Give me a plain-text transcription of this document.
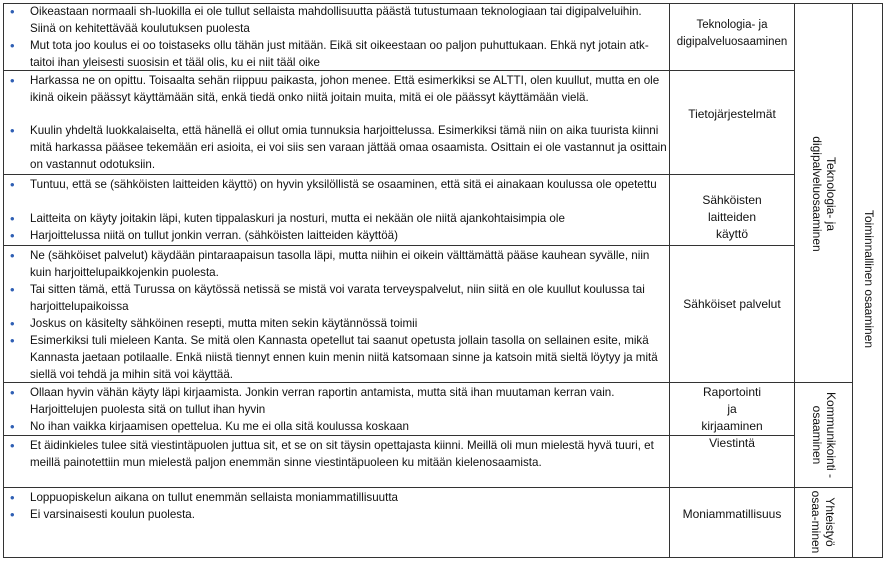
• Oikeastaan normaali sh-luokilla ei ole tullut sellaista mahdollisuutta päästä tutustumaan teknologiaan tai digipalveluihin. Siinä on kehitettävää koulutuksen puolesta
• Mut tota joo koulus ei oo toistaseks ollu tähän just mitään. Eikä sit oikeestaan oo paljon puhuttukaan. Ehkä nyt jotain atk-taitoi ihan yleisesti suosisin et tääl olis, ku ei niit tääl oike
Teknologia- ja digipalveluosaaminen
• Harkassa ne on opittu. Toisaalta sehän riippuu paikasta, johon menee. Että esimerkiksi se ALTTI, olen kuullut, mutta en ole ikinä oikein päässyt käyttämään sitä, enkä tiedä onko niitä joitain muita, mitä ei ole päässyt käyttämään vielä.
• Kuulin yhdeltä luokkalaiselta, että hänellä ei ollut omia tunnuksia harjoittelussa. Esimerkiksi tämä niin on aika tuurista kiinni mitä harkassa pääsee tekemään eri asioita, ei voi siis sen varaan jättää omaa osaamista. Osittain ei ole vastannut ja osittain on vastannut odotuksiin.
Tietojärjestelmät
• Tuntuu, että se (sähköisten laitteiden käyttö) on hyvin yksilöllistä se osaaminen, että sitä ei ainakaan koulussa ole opetettu
• Laitteita on käyty joitakin läpi, kuten tippalaskuri ja nosturi, mutta ei nekään ole niitä ajankohtaisimpia ole
• Harjoittelussa niitä on tullut jonkin verran. (sähköisten laitteiden käyttöä)
Sähköisten laitteiden käyttö
• Ne (sähköiset palvelut) käydään pintaraapaisun tasolla läpi, mutta niihin ei oikein välttämättä pääse kauhean syvälle, niin kuin harjoittelupaikkojenkin puolesta.
• Tai sitten tämä, että Turussa on käytössä netissä se mistä voi varata terveyspalvelut, niin siitä en ole kuullut koulussa tai harjoittelupaikoissa
• Joskus on käsitelty sähköinen resepti, mutta miten sekin käytännössä toimii
• Esimerkiksi tuli mieleen Kanta. Se mitä olen Kannasta opetellut tai saanut opetusta jollain tasolla on sellainen esite, mikä Kannasta jaetaan potilaalle. Enkä niistä tiennyt ennen kuin menin niitä katsomaan sinne ja katsoin mitä sieltä löytyy ja mitä siellä voi tehdä ja mihin sitä voi käyttää.
Sähköiset palvelut
• Ollaan hyvin vähän käyty läpi kirjaamista. Jonkin verran raportin antamista, mutta sitä ihan muutaman kerran vain. Harjoittelujen puolesta sitä on tullut ihan hyvin
• No ihan vaikka kirjaamisen opettelua. Ku me ei olla sitä koulussa koskaan
Raportointi ja kirjaaminen
• Et äidinkieles tulee sitä viestintäpuolen juttua sit, et se on sit täysin opettajasta kiinni. Meillä oli mun mielestä hyvä tuuri, et meillä painotettiin mun mielestä paljon enemmän sinne viestintäpuoleen ku mitään kielenosaamista.
Viestintä
• Loppuopiskelun aikana on tullut enemmän sellaista moniammatillisuutta
• Ei varsinaisesti koulun puolesta.	Moniammatillisuus
Teknologia- ja digipalveluosaaminen
Kommunikointi -osaaminen
Yhteistyö osaa-minen
Toiminnallinen osaaminen
